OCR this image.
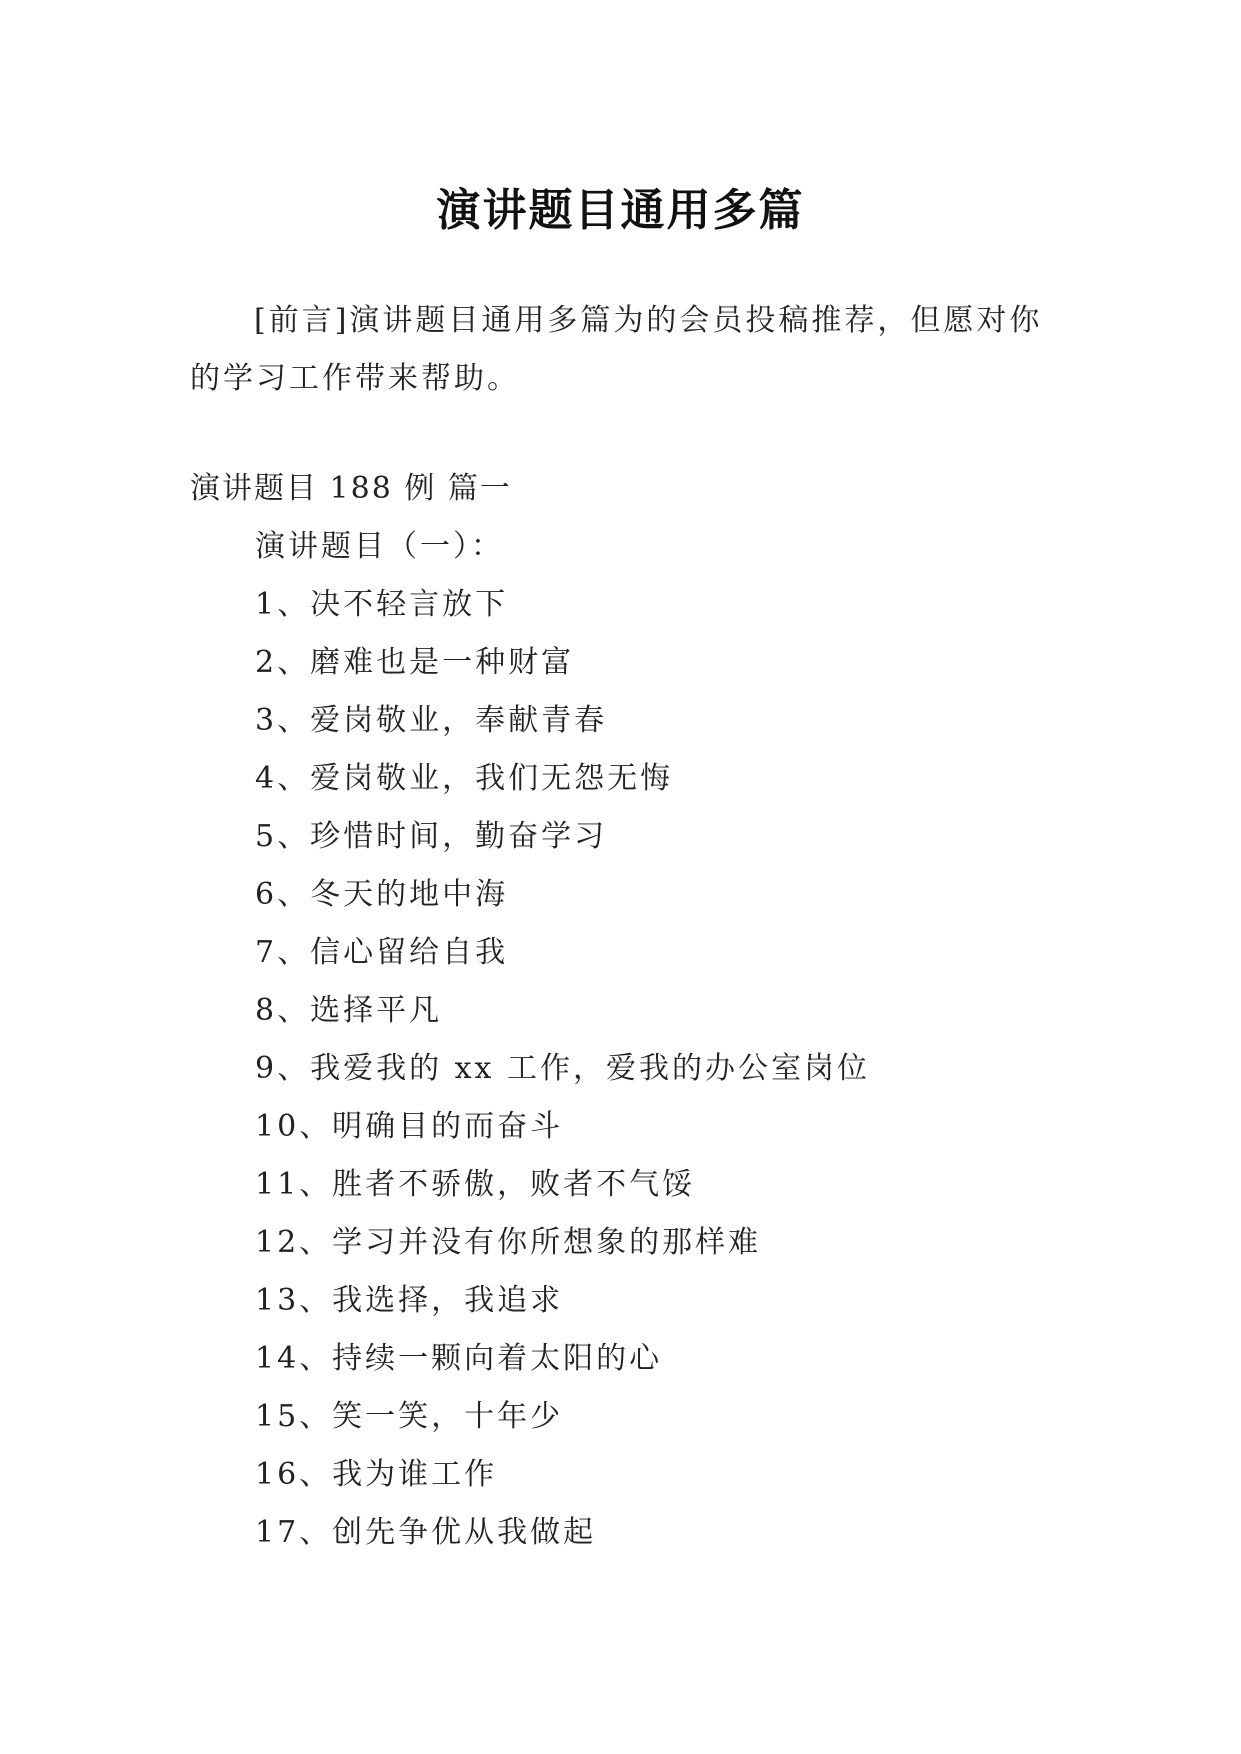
演讲题目通用多篇

[前言]演讲题目通用多篇为的会员投稿推荐，但愿对你的学习工作带来帮助。

演讲题目 188 例 篇一

演讲题目（一）：

1、决不轻言放下
2、磨难也是一种财富
3、爱岗敬业，奉献青春
4、爱岗敬业，我们无怨无悔
5、珍惜时间，勤奋学习
6、冬天的地中海
7、信心留给自我
8、选择平凡
9、我爱我的 xx 工作，爱我的办公室岗位
10、明确目的而奋斗
11、胜者不骄傲，败者不气馁
12、学习并没有你所想象的那样难
13、我选择，我追求
14、持续一颗向着太阳的心
15、笑一笑，十年少
16、我为谁工作
17、创先争优从我做起
